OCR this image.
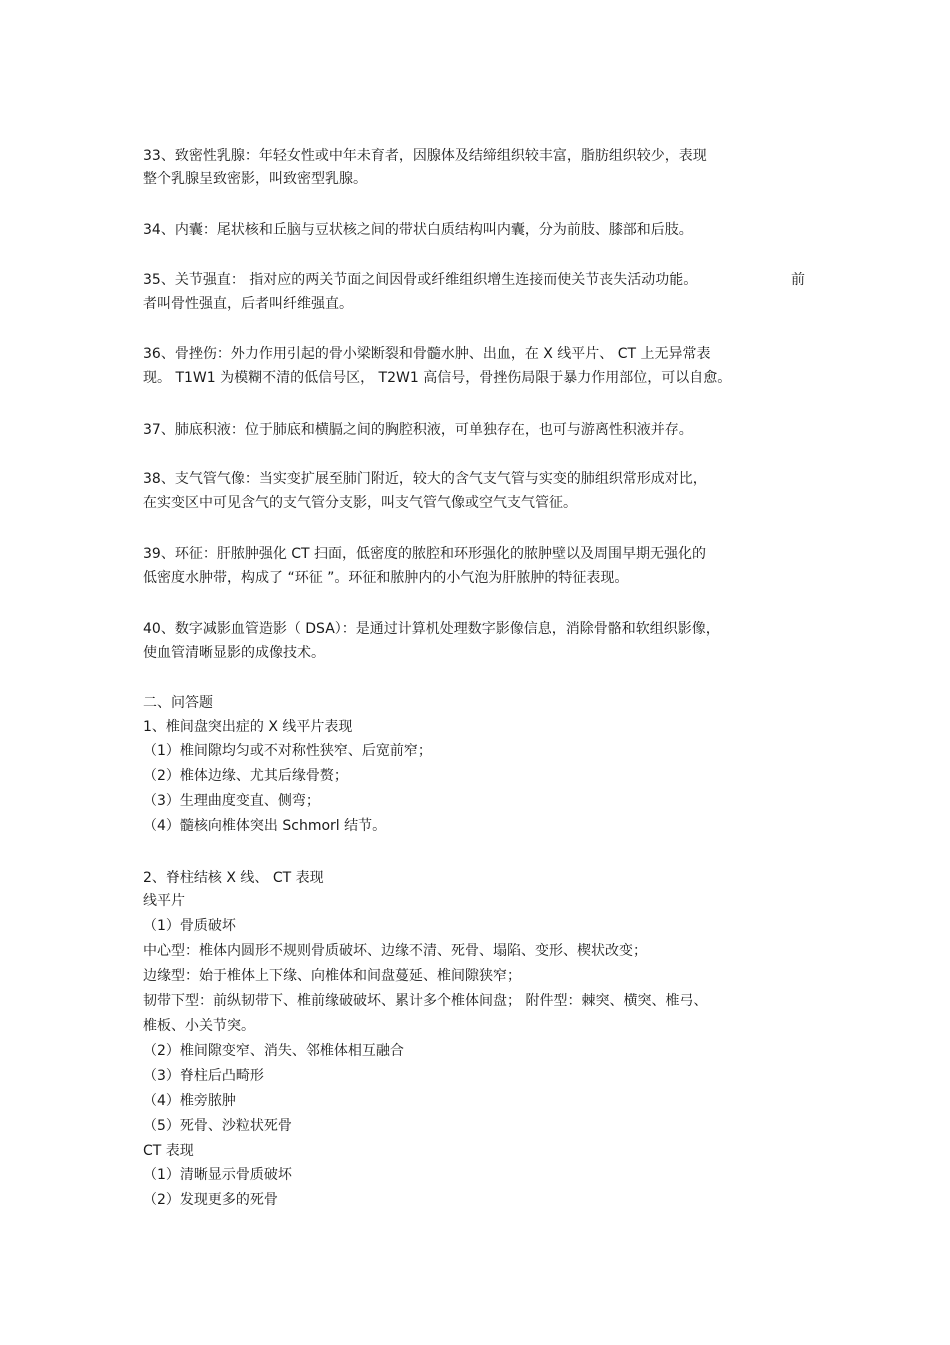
33、致密性乳腺：年轻女性或中年未育者，因腺体及结缔组织较丰富，脂肪组织较少，表现

整个乳腺呈致密影，叫致密型乳腺。

34、内囊：尾状核和丘脑与豆状核之间的带状白质结构叫内囊，分为前肢、膝部和后肢。

35、关节强直： 指对应的两关节面之间因骨或纤维组织增生连接而使关节丧失活动功能。	前

者叫骨性强直，后者叫纤维强直。

36、骨挫伤：外力作用引起的骨小梁断裂和骨髓水肿、出血，在 X 线平片、 CT 上无异常表

现。 T1W1 为模糊不清的低信号区， T2W1 高信号，骨挫伤局限于暴力作用部位，可以自愈。

37、肺底积液：位于肺底和横膈之间的胸腔积液，可单独存在，也可与游离性积液并存。

38、支气管气像：当实变扩展至肺门附近，较大的含气支气管与实变的肺组织常形成对比，

在实变区中可见含气的支气管分支影，叫支气管气像或空气支气管征。

39、环征：肝脓肿强化 CT 扫面，低密度的脓腔和环形强化的脓肿壁以及周围早期无强化的

低密度水肿带，构成了 “环征 ”。环征和脓肿内的小气泡为肝脓肿的特征表现。

40、数字减影血管造影（ DSA）：是通过计算机处理数字影像信息，消除骨骼和软组织影像，

使血管清晰显影的成像技术。

二、问答题

1、椎间盘突出症的 X 线平片表现

（1）椎间隙均匀或不对称性狭窄、后宽前窄；

（2）椎体边缘、尤其后缘骨赘；

（3）生理曲度变直、侧弯；

（4）髓核向椎体突出 Schmorl 结节。

2、脊柱结核 X 线、 CT 表现

线平片

（1）骨质破坏

中心型：椎体内圆形不规则骨质破坏、边缘不清、死骨、塌陷、变形、楔状改变；

边缘型：始于椎体上下缘、向椎体和间盘蔓延、椎间隙狭窄；

韧带下型：前纵韧带下、椎前缘破破坏、累计多个椎体间盘； 附件型：棘突、横突、椎弓、

椎板、小关节突。

（2）椎间隙变窄、消失、邻椎体相互融合

（3）脊柱后凸畸形

（4）椎旁脓肿

（5）死骨、沙粒状死骨

CT 表现

（1）清晰显示骨质破坏

（2）发现更多的死骨
